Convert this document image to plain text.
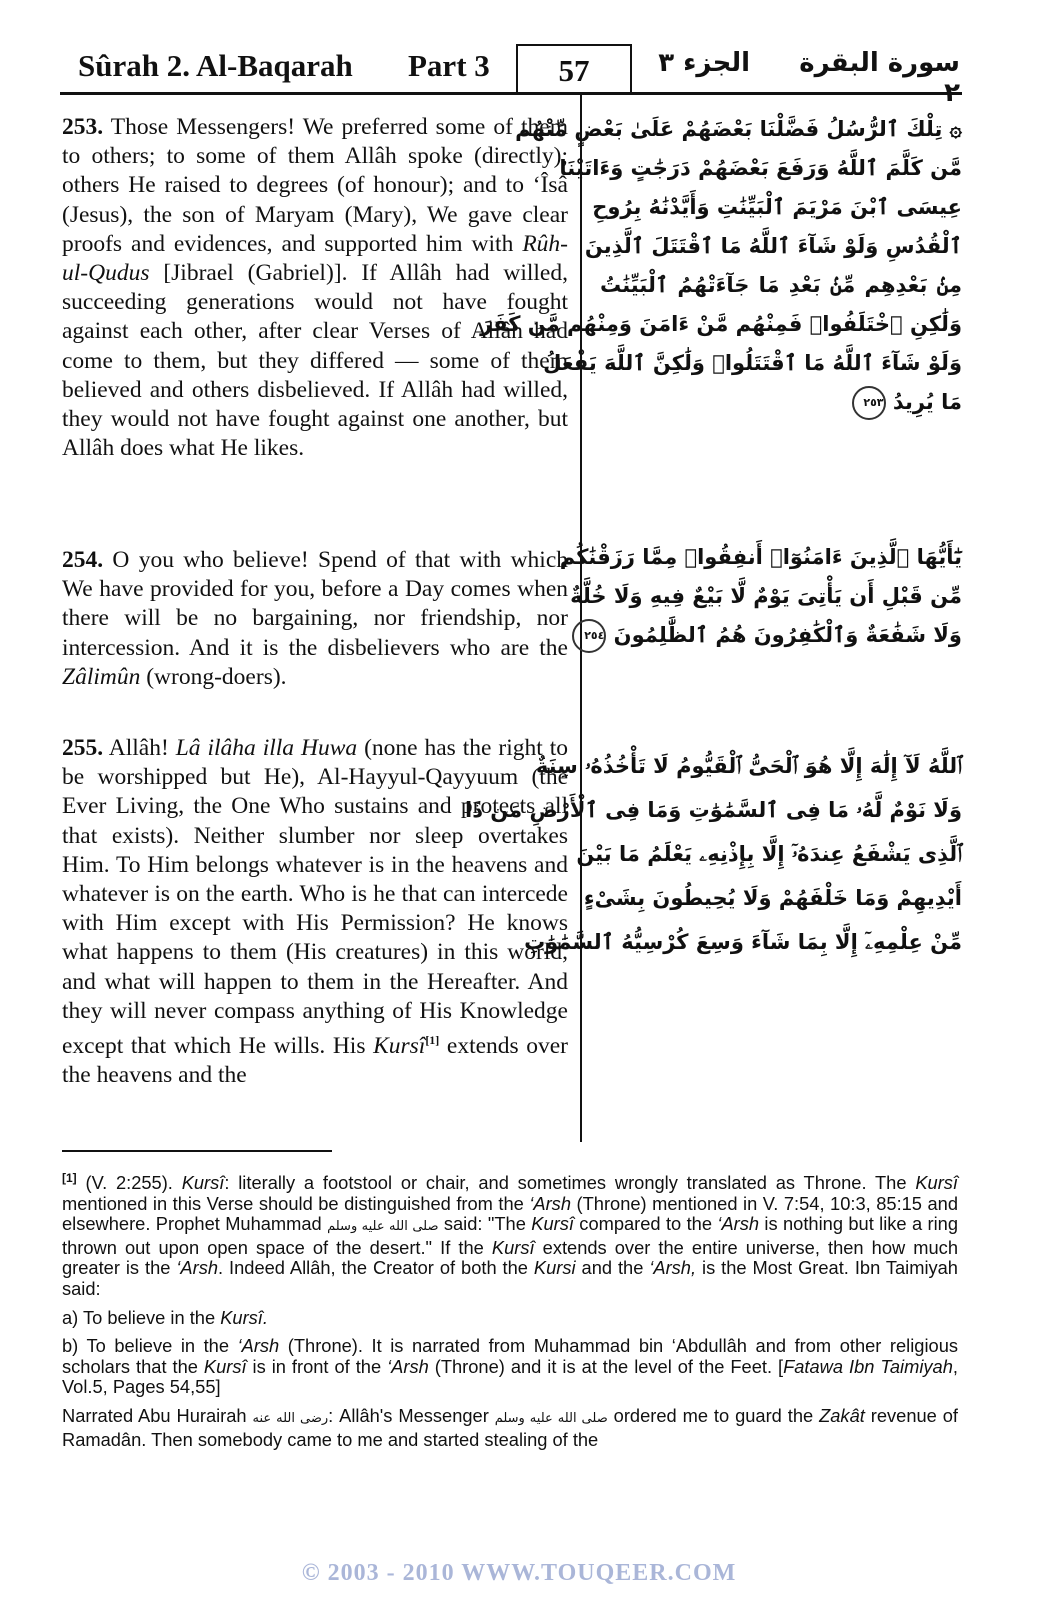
Sûrah 2. Al-Baqarah Part 3	57	الجزء ٣	سورة البقرة ٢

253. Those Messengers! We preferred some of them to others; to some of them Allâh spoke (directly); others He raised to degrees (of honour); and to ‘Îsâ (Jesus), the son of Maryam (Mary), We gave clear proofs and evidences, and supported him with Rûh-ul-Qudus [Jibrael (Gabriel)]. If Allâh had willed, succeeding generations would not have fought against each other, after clear Verses of Allâh had come to them, but they differed — some of them believed and others disbelieved. If Allâh had willed, they would not have fought against one another, but Allâh does what He likes.

254. O you who believe! Spend of that with which We have provided for you, before a Day comes when there will be no bargaining, nor friendship, nor intercession. And it is the disbelievers who are the Zâlimûn (wrong-doers).

255. Allâh! Lâ ilâha illa Huwa (none has the right to be worshipped but He), Al-Hayyul-Qayyuum (the Ever Living, the One Who sustains and protects all that exists). Neither slumber nor sleep overtakes Him. To Him belongs whatever is in the heavens and whatever is on the earth. Who is he that can intercede with Him except with His Permission? He knows what happens to them (His creatures) in this world, and what will happen to them in the Hereafter. And they will never compass anything of His Knowledge except that which He wills. His Kursî[1] extends over the heavens and the

۞ تِلْكَ ٱلرُّسُلُ فَضَّلْنَا بَعْضَهُمْ عَلَىٰ بَعْضٍ مِّنْهُم
مَّن كَلَّمَ ٱللَّهُ وَرَفَعَ بَعْضَهُمْ دَرَجَٰتٍ وَءَاتَيْنَا
عِيسَى ٱبْنَ مَرْيَمَ ٱلْبَيِّنَٰتِ وَأَيَّدْنَٰهُ بِرُوحِ
ٱلْقُدُسِ وَلَوْ شَآءَ ٱللَّهُ مَا ٱقْتَتَلَ ٱلَّذِينَ
مِنۢ بَعْدِهِم مِّنۢ بَعْدِ مَا جَآءَتْهُمُ ٱلْبَيِّنَٰتُ
وَلَٰكِنِ ٱخْتَلَفُوا۟ فَمِنْهُم مَّنْ ءَامَنَ وَمِنْهُم مَّن كَفَرَ
وَلَوْ شَآءَ ٱللَّهُ مَا ٱقْتَتَلُوا۟ وَلَٰكِنَّ ٱللَّهَ يَفْعَلُ
مَا يُرِيدُ ٢٥٣
يَٰٓأَيُّهَا ٱلَّذِينَ ءَامَنُوٓا۟ أَنفِقُوا۟ مِمَّا رَزَقْنَٰكُم
مِّن قَبْلِ أَن يَأْتِىَ يَوْمٌ لَّا بَيْعٌ فِيهِ وَلَا خُلَّةٌ
وَلَا شَفَٰعَةٌ وَٱلْكَٰفِرُونَ هُمُ ٱلظَّٰلِمُونَ ٢٥٤
ٱللَّهُ لَآ إِلَٰهَ إِلَّا هُوَ ٱلْحَىُّ ٱلْقَيُّومُ لَا تَأْخُذُهُۥ سِنَةٌ
وَلَا نَوْمٌ لَّهُۥ مَا فِى ٱلسَّمَٰوَٰتِ وَمَا فِى ٱلْأَرْضِ مَن ذَا
ٱلَّذِى يَشْفَعُ عِندَهُۥٓ إِلَّا بِإِذْنِهِۦ يَعْلَمُ مَا بَيْنَ
أَيْدِيهِمْ وَمَا خَلْفَهُمْ وَلَا يُحِيطُونَ بِشَىْءٍ
مِّنْ عِلْمِهِۦٓ إِلَّا بِمَا شَآءَ وَسِعَ كُرْسِيُّهُ ٱلسَّمَٰوَٰتِ

[1] (V. 2:255). Kursî: literally a footstool or chair, and sometimes wrongly translated as Throne. The Kursî mentioned in this Verse should be distinguished from the ‘Arsh (Throne) mentioned in V. 7:54, 10:3, 85:15 and elsewhere. Prophet Muhammad صلى الله عليه وسلم said: "The Kursî compared to the ‘Arsh is nothing but like a ring thrown out upon open space of the desert." If the Kursî extends over the entire universe, then how much greater is the ‘Arsh. Indeed Allâh, the Creator of both the Kursi and the ‘Arsh, is the Most Great. Ibn Taimiyah said:

a) To believe in the Kursî.

b) To believe in the ‘Arsh (Throne). It is narrated from Muhammad bin ‘Abdullâh and from other religious scholars that the Kursî is in front of the ‘Arsh (Throne) and it is at the level of the Feet. [Fatawa Ibn Taimiyah, Vol.5, Pages 54,55]

Narrated Abu Hurairah رضى الله عنه: Allâh's Messenger صلى الله عليه وسلم ordered me to guard the Zakât revenue of Ramadân. Then somebody came to me and started stealing of the

© 2003 - 2010 WWW.TOUQEER.COM
